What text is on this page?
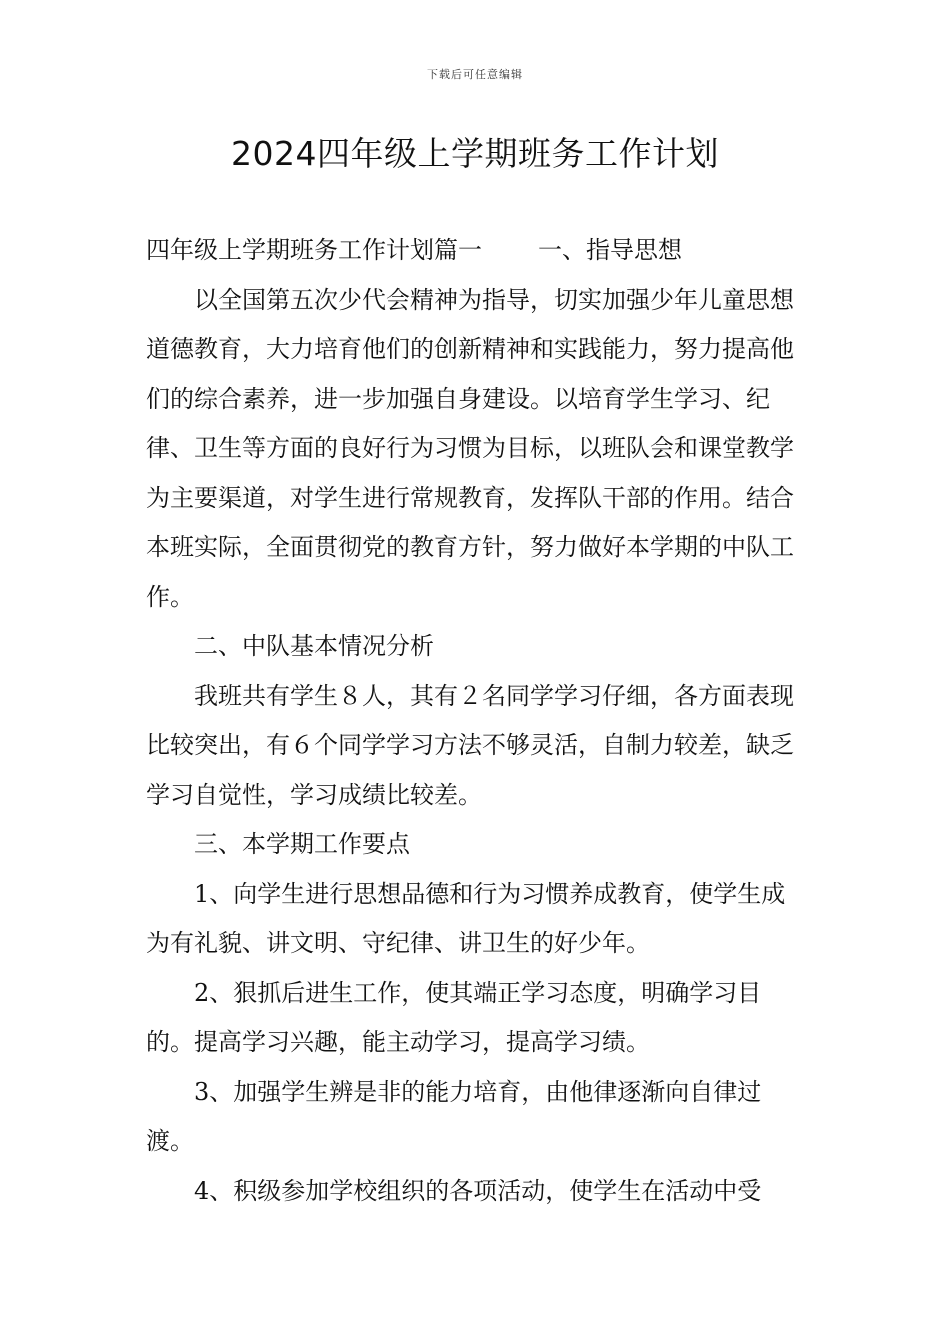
下载后可任意编辑
2024四年级上学期班务工作计划

四年级上学期班务工作计划篇一 一、指导思想

以全国第五次少代会精神为指导，切实加强少年儿童思想道德教育，大力培育他们的创新精神和实践能力，努力提高他们的综合素养，进一步加强自身建设。以培育学生学习、纪律、卫生等方面的良好行为习惯为目标，以班队会和课堂教学为主要渠道，对学生进行常规教育，发挥队干部的作用。结合本班实际，全面贯彻党的教育方针，努力做好本学期的中队工作。

二、中队基本情况分析

我班共有学生８人，其有２名同学学习仔细，各方面表现比较突出，有６个同学学习方法不够灵活，自制力较差，缺乏学习自觉性，学习成绩比较差。

三、本学期工作要点

1、向学生进行思想品德和行为习惯养成教育，使学生成为有礼貌、讲文明、守纪律、讲卫生的好少年。

2、狠抓后进生工作，使其端正学习态度，明确学习目的。提高学习兴趣，能主动学习，提高学习绩。

3、加强学生辨是非的能力培育，由他律逐渐向自律过渡。

4、积级参加学校组织的各项活动，使学生在活动中受
